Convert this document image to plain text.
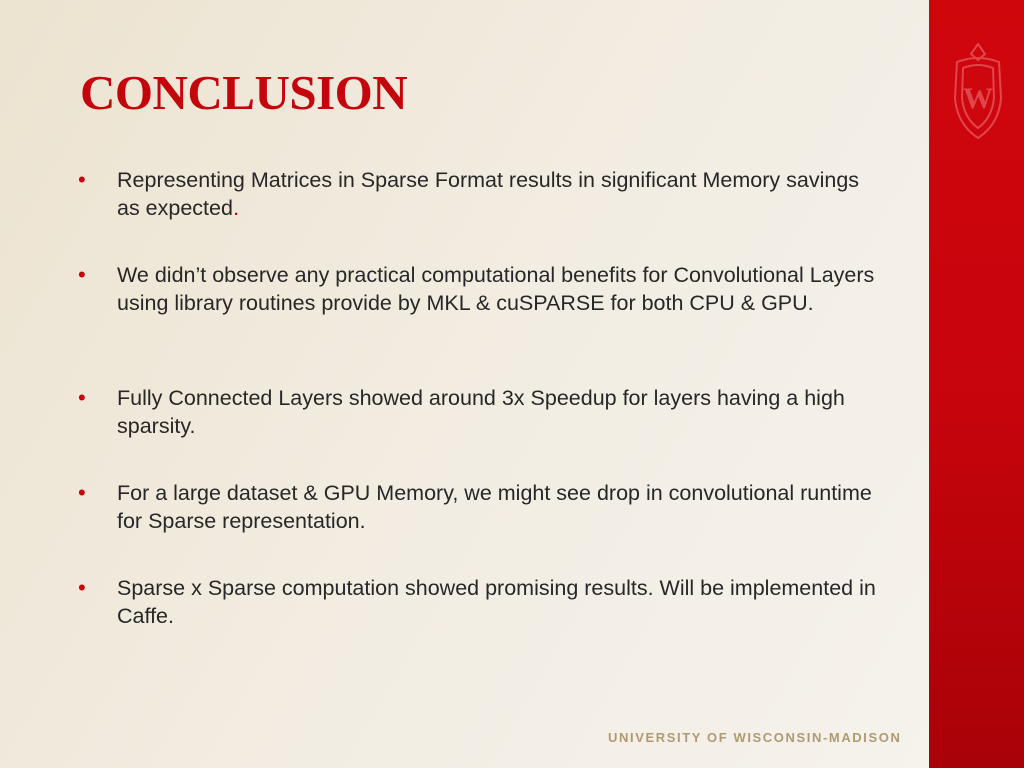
W
CONCLUSION
• Representing Matrices in Sparse Format results in significant Memory savings as expected.
• We didn’t observe any practical computational benefits for Convolutional Layers using library routines provide by MKL & cuSPARSE for both CPU & GPU.
• Fully Connected Layers showed around 3x Speedup for layers having a high sparsity.
• For a large dataset & GPU Memory, we might see drop in convolutional runtime for Sparse representation.
• Sparse x Sparse computation showed promising results. Will be implemented in Caffe.
UNIVERSITY OF WISCONSIN-MADISON
